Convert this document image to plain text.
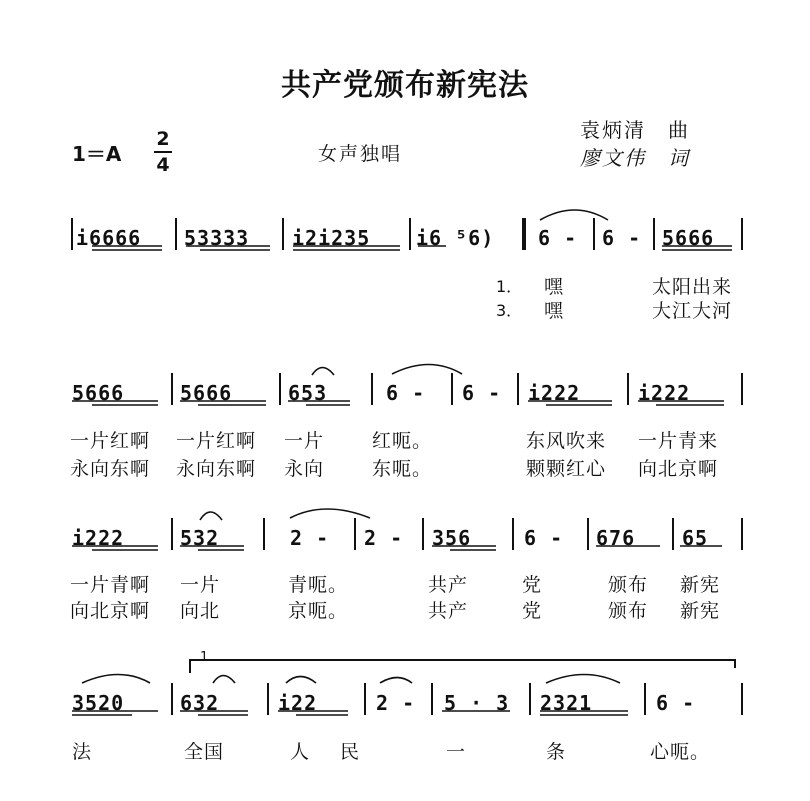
共产党颁布新宪法
袁炳清　曲
廖文伟　词
1＝A
2
4	女声独唱
i6666 53333 i2i235 i6 ⁵6) 6 - 6 - 5666
1．
3．
嘿	太阳出来
嘿	大江大河
5666	5666	653	6 - 6 - i222	i222
一片红啊 一片红啊 一片	红呃。	东风吹来 一片青来
永向东啊 永向东啊 永向	东呃。	颗颗红心 向北京啊
i222	532	2 - 2 - 356	6 - 676 65
一片青啊 一片	青呃。	共产	党	颁布 新宪
向北京啊 向北	京呃。	共产	党	颁布 新宪
1
3520	632	i22	2 - 5 · 3 2321	6 -
法	全国	人 民	一	条	心呃。
